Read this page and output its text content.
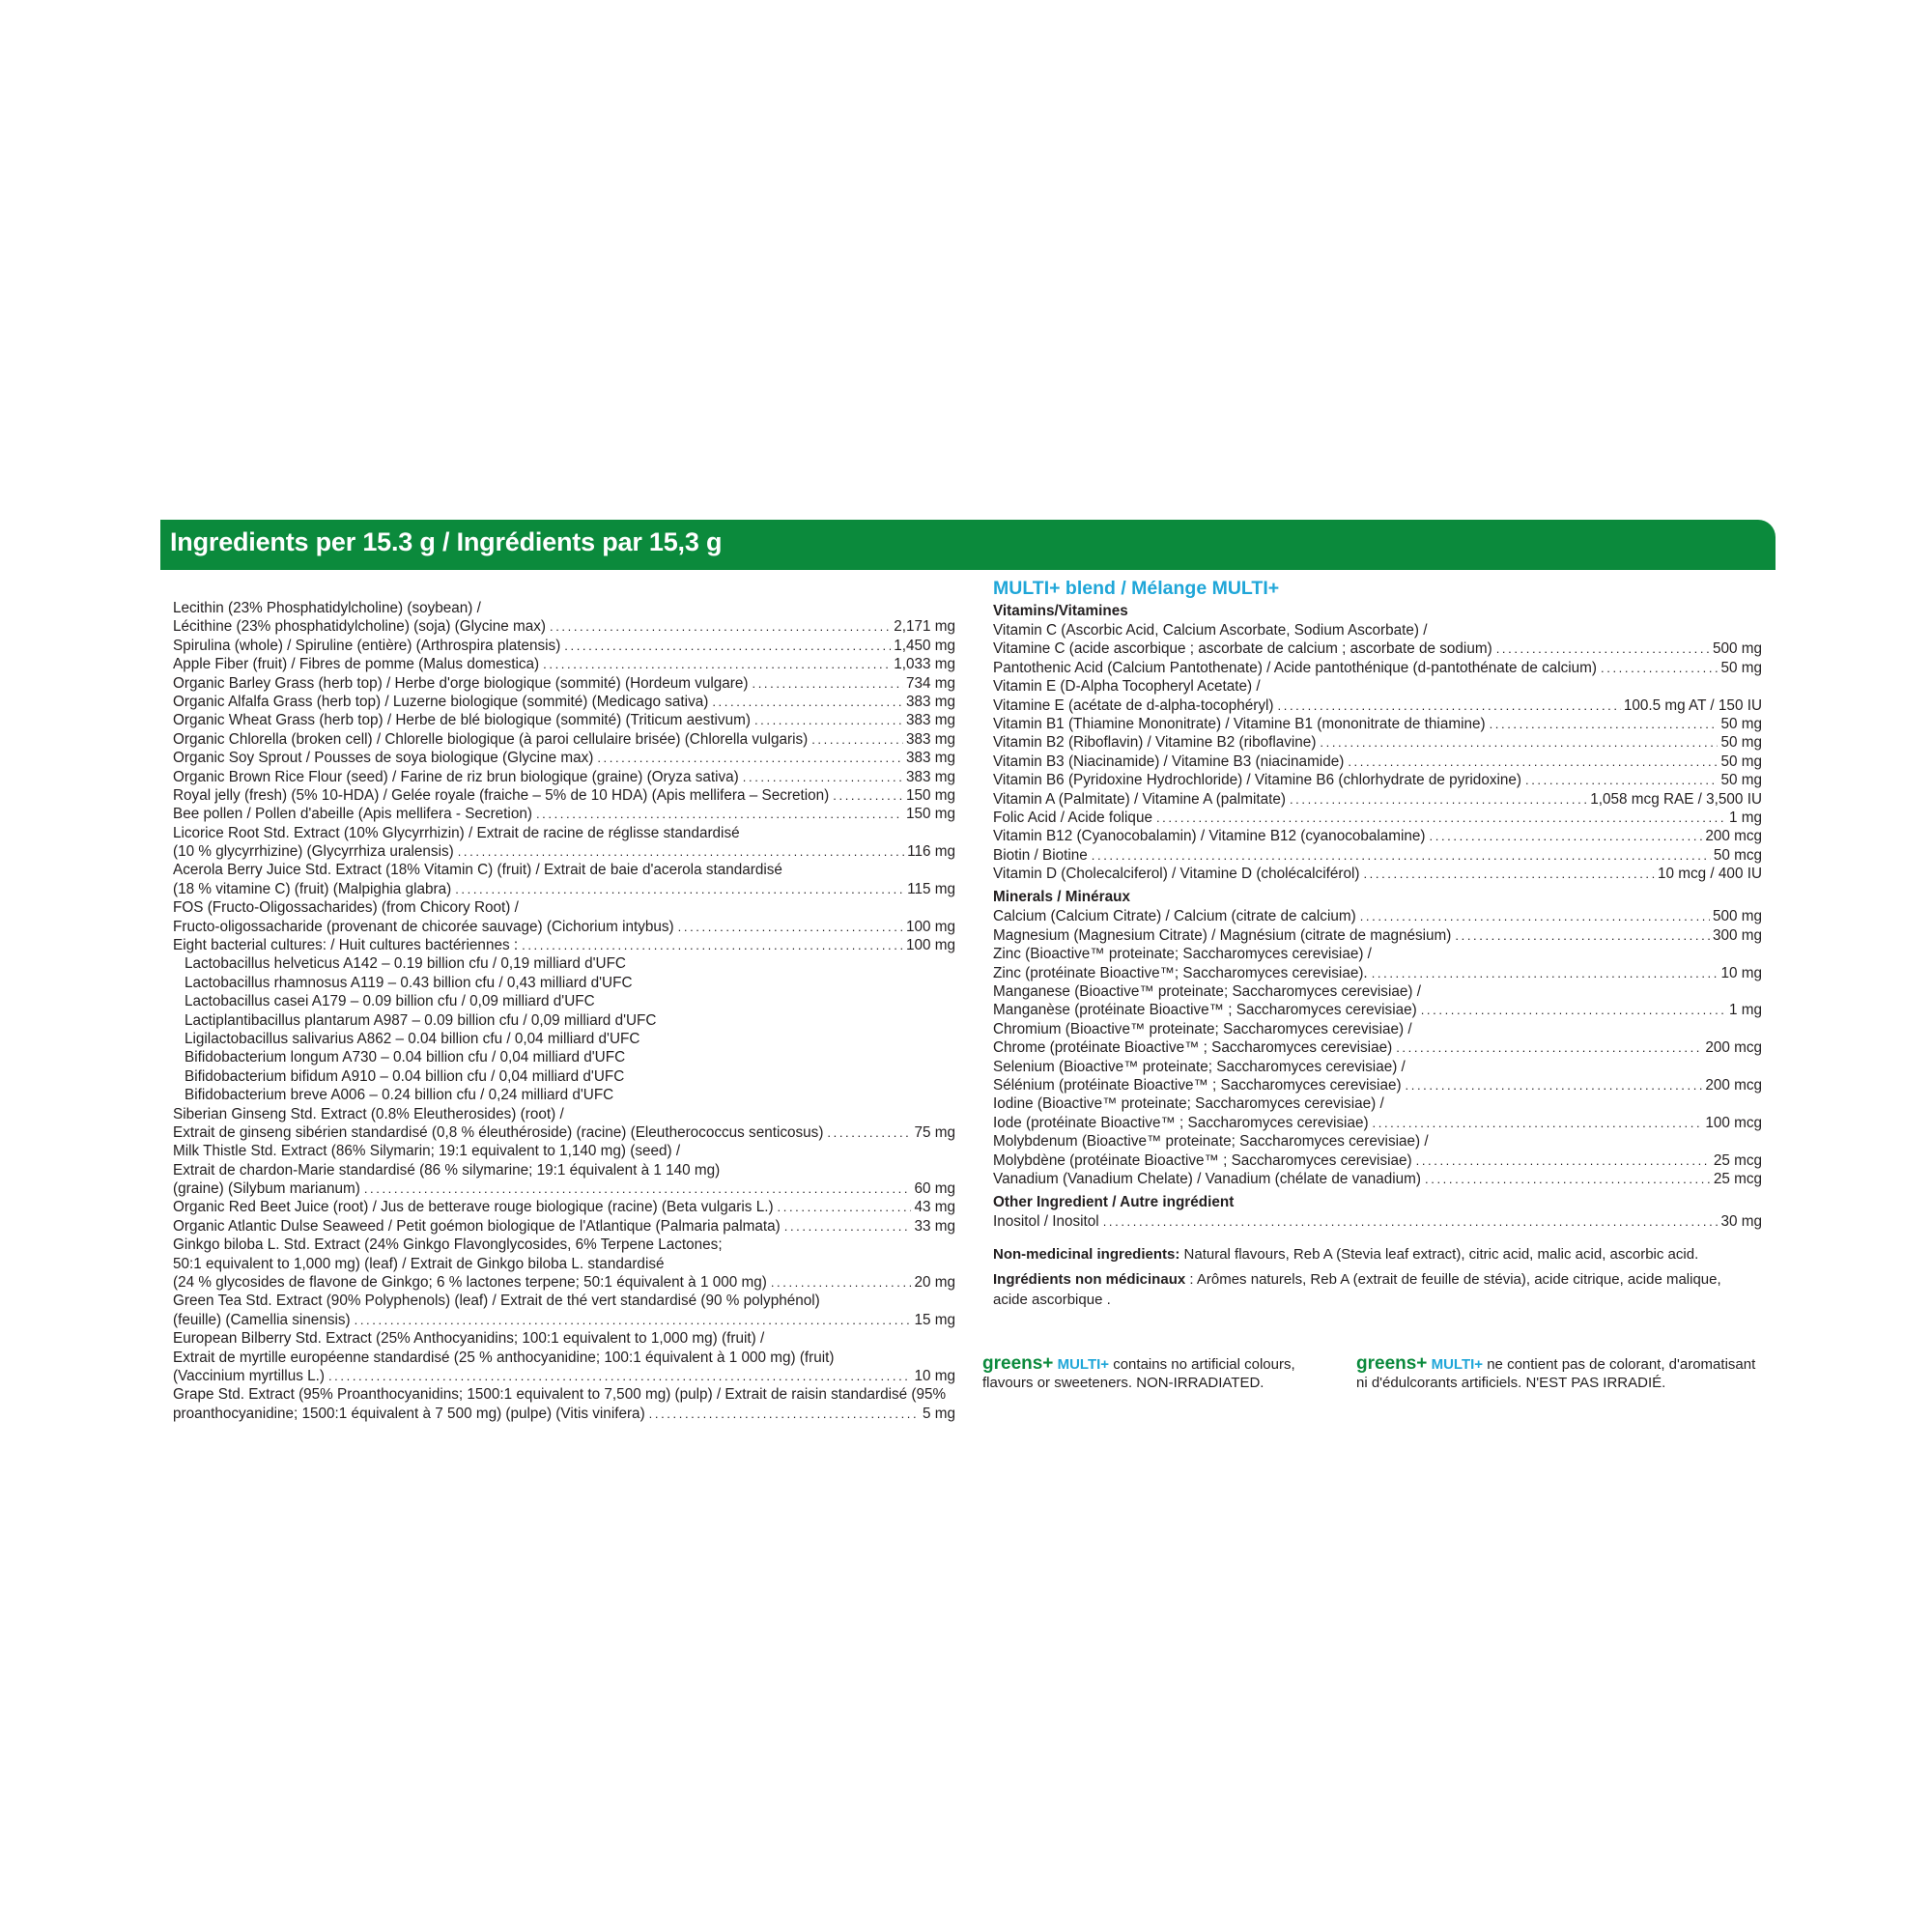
Ingredients per 15.3 g / Ingrédients par 15,3 g
Lecithin (23% Phosphatidylcholine) (soybean) /
Lécithine (23% phosphatidylcholine) (soja) (Glycine max) .....	2,171 mg
Spirulina (whole) / Spiruline (entière) (Arthrospira platensis) .....	1,450 mg
Apple Fiber (fruit) / Fibres de pomme (Malus domestica) .....	1,033 mg
Organic Barley Grass (herb top) / Herbe d'orge biologique (sommité) (Hordeum vulgare) .....	734 mg
Organic Alfalfa Grass (herb top) / Luzerne biologique (sommité) (Medicago sativa) .....	383 mg
Organic Wheat Grass (herb top) / Herbe de blé biologique (sommité) (Triticum aestivum) .....	383 mg
Organic Chlorella (broken cell) / Chlorelle biologique (à paroi cellulaire brisée) (Chlorella vulgaris) .....	383 mg
Organic Soy Sprout / Pousses de soya biologique (Glycine max) .....	383 mg
Organic Brown Rice Flour (seed) / Farine de riz brun biologique (graine) (Oryza sativa) .....	383 mg
Royal jelly (fresh) (5% 10-HDA) / Gelée royale (fraiche – 5% de 10 HDA) (Apis mellifera – Secretion) .....	150 mg
Bee pollen / Pollen d'abeille (Apis mellifera - Secretion) .....	150 mg
Licorice Root Std. Extract (10% Glycyrrhizin) / Extrait de racine de réglisse standardisé
(10 % glycyrrhizine) (Glycyrrhiza uralensis) .....	116 mg
Acerola Berry Juice Std. Extract (18% Vitamin C) (fruit) / Extrait de baie d'acerola standardisé
(18 % vitamine C) (fruit) (Malpighia glabra) .....	115 mg
FOS (Fructo-Oligossacharides) (from Chicory Root) /
Fructo-oligossacharide (provenant de chicorée sauvage) (Cichorium intybus) .....	100 mg
Eight bacterial cultures: / Huit cultures bactériennes : .....	100 mg
Lactobacillus helveticus A142 – 0.19 billion cfu / 0,19 milliard d'UFC
Lactobacillus rhamnosus A119 – 0.43 billion cfu / 0,43 milliard d'UFC
Lactobacillus casei A179 – 0.09 billion cfu / 0,09 milliard d'UFC
Lactiplantibacillus plantarum A987 – 0.09 billion cfu / 0,09 milliard d'UFC
Ligilactobacillus salivarius A862 – 0.04 billion cfu / 0,04 milliard d'UFC
Bifidobacterium longum A730 – 0.04 billion cfu / 0,04 milliard d'UFC
Bifidobacterium bifidum A910 – 0.04 billion cfu / 0,04 milliard d'UFC
Bifidobacterium breve A006 – 0.24 billion cfu / 0,24 milliard d'UFC
Siberian Ginseng Std. Extract (0.8% Eleutherosides) (root) /
Extrait de ginseng sibérien standardisé (0,8 % éleuthéroside) (racine) (Eleutherococcus senticosus) .....	75 mg
Milk Thistle Std. Extract (86% Silymarin; 19:1 equivalent to 1,140 mg) (seed) /
Extrait de chardon-Marie standardisé (86 % silymarine; 19:1 équivalent à 1 140 mg)
(graine) (Silybum marianum) .....	60 mg
Organic Red Beet Juice (root) / Jus de betterave rouge biologique (racine) (Beta vulgaris L.) .....	43 mg
Organic Atlantic Dulse Seaweed / Petit goémon biologique de l'Atlantique (Palmaria palmata) .....	33 mg
Ginkgo biloba L. Std. Extract (24% Ginkgo Flavonglycosides, 6% Terpene Lactones;
50:1 equivalent to 1,000 mg) (leaf) / Extrait de Ginkgo biloba L. standardisé
(24 % glycosides de flavone de Ginkgo; 6 % lactones terpene; 50:1 équivalent à 1 000 mg) .....	20 mg
Green Tea Std. Extract (90% Polyphenols) (leaf) / Extrait de thé vert standardisé (90 % polyphénol)
(feuille) (Camellia sinensis) .....	15 mg
European Bilberry Std. Extract (25% Anthocyanidins; 100:1 equivalent to 1,000 mg) (fruit) /
Extrait de myrtille européenne standardisé (25 % anthocyanidine; 100:1 équivalent à 1 000 mg) (fruit)
(Vaccinium myrtillus L.) .....	10 mg
Grape Std. Extract (95% Proanthocyanidins; 1500:1 equivalent to 7,500 mg) (pulp) / Extrait de raisin standardisé (95%
proanthocyanidine; 1500:1 équivalent à 7 500 mg) (pulpe) (Vitis vinifera) .....	5 mg
MULTI+ blend / Mélange MULTI+
Vitamins/Vitamines
Vitamin C (Ascorbic Acid, Calcium Ascorbate, Sodium Ascorbate) /
Vitamine C (acide ascorbique ; ascorbate de calcium ; ascorbate de sodium) .....	500 mg
Pantothenic Acid (Calcium Pantothenate) / Acide pantothénique (d-pantothénate de calcium) .....	50 mg
Vitamin E (D-Alpha Tocopheryl Acetate) /
Vitamine E (acétate de d-alpha-tocophéryl) .....	100.5 mg AT / 150 IU
Vitamin B1 (Thiamine Mononitrate) / Vitamine B1 (mononitrate de thiamine) .....	50 mg
Vitamin B2 (Riboflavin) / Vitamine B2 (riboflavine) .....	50 mg
Vitamin B3 (Niacinamide) / Vitamine B3 (niacinamide) .....	50 mg
Vitamin B6 (Pyridoxine Hydrochloride) / Vitamine B6 (chlorhydrate de pyridoxine) .....	50 mg
Vitamin A (Palmitate) / Vitamine A (palmitate) .....	1,058 mcg RAE / 3,500 IU
Folic Acid / Acide folique .....	1 mg
Vitamin B12 (Cyanocobalamin) / Vitamine B12 (cyanocobalamine) .....	200 mcg
Biotin / Biotine .....	50 mcg
Vitamin D (Cholecalciferol) / Vitamine D (cholécalciférol) .....	10 mcg / 400 IU
Minerals / Minéraux
Calcium (Calcium Citrate) / Calcium (citrate de calcium) .....	500 mg
Magnesium (Magnesium Citrate) / Magnésium (citrate de magnésium) .....	300 mg
Zinc (Bioactive™ proteinate; Saccharomyces cerevisiae) /
Zinc (protéinate Bioactive™; Saccharomyces cerevisiae). .....	10 mg
Manganese (Bioactive™ proteinate; Saccharomyces cerevisiae) /
Manganèse (protéinate Bioactive™ ; Saccharomyces cerevisiae) .....	1 mg
Chromium (Bioactive™ proteinate; Saccharomyces cerevisiae) /
Chrome (protéinate Bioactive™ ; Saccharomyces cerevisiae) .....	200 mcg
Selenium (Bioactive™ proteinate; Saccharomyces cerevisiae) /
Sélénium (protéinate Bioactive™ ; Saccharomyces cerevisiae) .....	200 mcg
Iodine (Bioactive™ proteinate; Saccharomyces cerevisiae) /
Iode (protéinate Bioactive™ ; Saccharomyces cerevisiae) .....	100 mcg
Molybdenum (Bioactive™ proteinate; Saccharomyces cerevisiae) /
Molybdène (protéinate Bioactive™ ; Saccharomyces cerevisiae) .....	25 mcg
Vanadium (Vanadium Chelate) / Vanadium (chélate de vanadium) .....	25 mcg
Other Ingredient / Autre ingrédient
Inositol / Inositol .....	30 mg
Non-medicinal ingredients: Natural flavours, Reb A (Stevia leaf extract), citric acid, malic acid, ascorbic acid.
Ingrédients non médicinaux : Arômes naturels, Reb A (extrait de feuille de stévia), acide citrique, acide malique, acide ascorbique .
greens+ MULTI+ contains no artificial colours, flavours or sweeteners. NON-IRRADIATED.
greens+ MULTI+ ne contient pas de colorant, d'aromatisant ni d'édulcorants artificiels. N'EST PAS IRRADIÉ.
